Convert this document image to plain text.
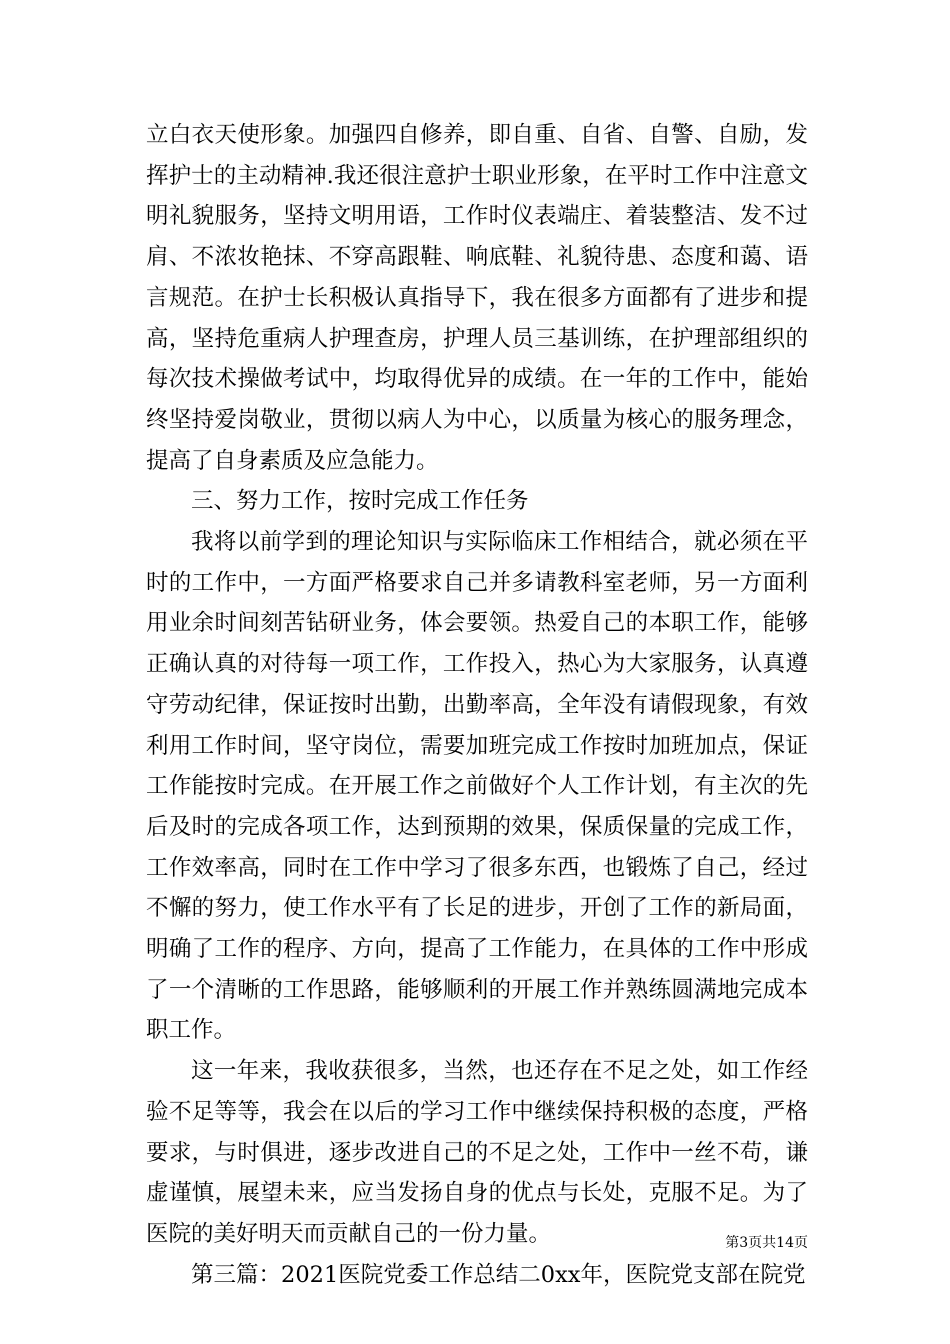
立白衣天使形象。加强四自修养，即自重、自省、自警、自励，发挥护士的主动精神.我还很注意护士职业形象，在平时工作中注意文明礼貌服务，坚持文明用语，工作时仪表端庄、着装整洁、发不过肩、不浓妆艳抹、不穿高跟鞋、响底鞋、礼貌待患、态度和蔼、语言规范。在护士长积极认真指导下，我在很多方面都有了进步和提高，坚持危重病人护理查房，护理人员三基训练，在护理部组织的每次技术操做考试中，均取得优异的成绩。在一年的工作中，能始终坚持爱岗敬业，贯彻以病人为中心，以质量为核心的服务理念，提高了自身素质及应急能力。

三、努力工作，按时完成工作任务

我将以前学到的理论知识与实际临床工作相结合，就必须在平时的工作中，一方面严格要求自己并多请教科室老师，另一方面利用业余时间刻苦钻研业务，体会要领。热爱自己的本职工作，能够正确认真的对待每一项工作，工作投入，热心为大家服务，认真遵守劳动纪律，保证按时出勤，出勤率高，全年没有请假现象，有效利用工作时间，坚守岗位，需要加班完成工作按时加班加点，保证工作能按时完成。在开展工作之前做好个人工作计划，有主次的先后及时的完成各项工作，达到预期的效果，保质保量的完成工作，工作效率高，同时在工作中学习了很多东西，也锻炼了自己，经过不懈的努力，使工作水平有了长足的进步，开创了工作的新局面，明确了工作的程序、方向，提高了工作能力，在具体的工作中形成了一个清晰的工作思路，能够顺利的开展工作并熟练圆满地完成本职工作。

这一年来，我收获很多，当然，也还存在不足之处，如工作经验不足等等，我会在以后的学习工作中继续保持积极的态度，严格要求，与时俱进，逐步改进自己的不足之处，工作中一丝不苟，谦虚谨慎，展望未来，应当发扬自身的优点与长处，克服不足。为了医院的美好明天而贡献自己的一份力量。

第三篇：2021医院党委工作总结二0xx年，医院党支部在院党

第3页共14页
